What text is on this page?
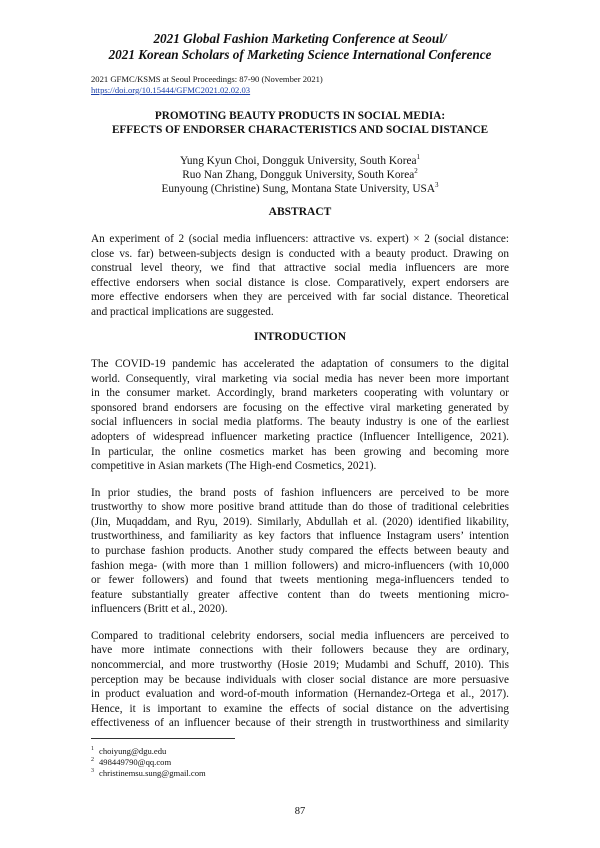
2021 Global Fashion Marketing Conference at Seoul/
2021 Korean Scholars of Marketing Science International Conference
2021 GFMC/KSMS at Seoul Proceedings: 87-90 (November 2021)
https://doi.org/10.15444/GFMC2021.02.02.03
PROMOTING BEAUTY PRODUCTS IN SOCIAL MEDIA:
EFFECTS OF ENDORSER CHARACTERISTICS AND SOCIAL DISTANCE
Yung Kyun Choi, Dongguk University, South Korea$^1$
Ruo Nan Zhang, Dongguk University, South Korea$^2$
Eunyoung (Christine) Sung, Montana State University, USA$^3$
ABSTRACT
An experiment of 2 (social media influencers: attractive vs. expert) × 2 (social distance:
close vs. far) between-subjects design is conducted with a beauty product. Drawing on
construal level theory, we find that attractive social media influencers are more
effective endorsers when social distance is close. Comparatively, expert endorsers are
more effective endorsers when they are perceived with far social distance. Theoretical
and practical implications are suggested.
INTRODUCTION
The COVID-19 pandemic has accelerated the adaptation of consumers to the digital
world. Consequently, viral marketing via social media has never been more important
in the consumer market. Accordingly, brand marketers cooperating with voluntary or
sponsored brand endorsers are focusing on the effective viral marketing generated by
social influencers in social media platforms. The beauty industry is one of the earliest
adopters of widespread influencer marketing practice (Influencer Intelligence, 2021).
In particular, the online cosmetics market has been growing and becoming more
competitive in Asian markets (The High-end Cosmetics, 2021).
In prior studies, the brand posts of fashion influencers are perceived to be more
trustworthy to show more positive brand attitude than do those of traditional celebrities
(Jin, Muqaddam, and Ryu, 2019). Similarly, Abdullah et al. (2020) identified likability,
trustworthiness, and familiarity as key factors that influence Instagram users’ intention
to purchase fashion products. Another study compared the effects between beauty and
fashion mega- (with more than 1 million followers) and micro-influencers (with 10,000
or fewer followers) and found that tweets mentioning mega-influencers tended to
feature substantially greater affective content than do tweets mentioning micro-
influencers (Britt et al., 2020).
Compared to traditional celebrity endorsers, social media influencers are perceived to
have more intimate connections with their followers because they are ordinary,
noncommercial, and more trustworthy (Hosie 2019; Mudambi and Schuff, 2010). This
perception may be because individuals with closer social distance are more persuasive
in product evaluation and word-of-mouth information (Hernandez-Ortega et al., 2017).
Hence, it is important to examine the effects of social distance on the advertising
effectiveness of an influencer because of their strength in trustworthiness and similarity
$^1$ choiyung@dgu.edu
$^2$ 498449790@qq.com
$^3$ christinemsu.sung@gmail.com
87
